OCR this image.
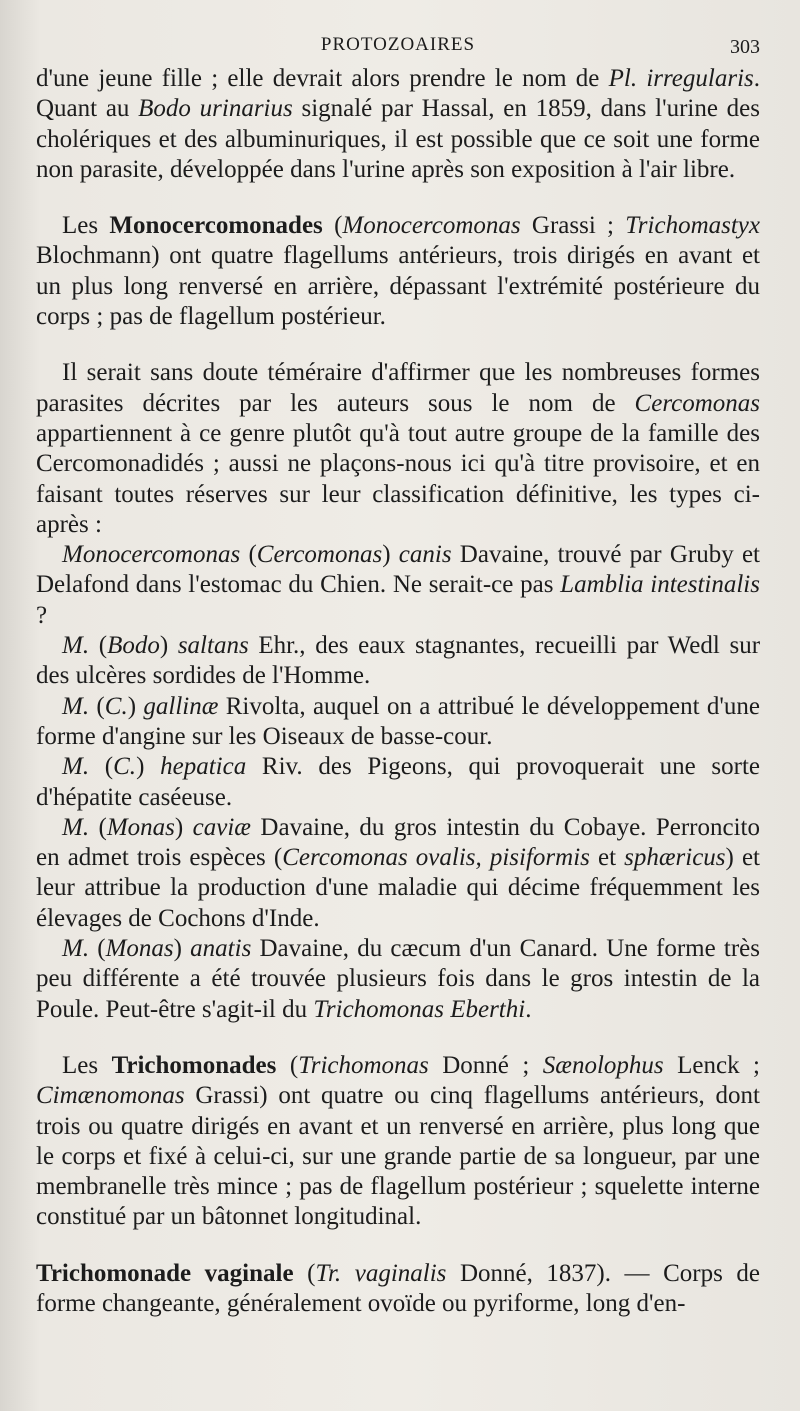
PROTOZOAIRES	303

d'une jeune fille ; elle devrait alors prendre le nom de Pl. irregularis. Quant au Bodo urinarius signalé par Hassal, en 1859, dans l'urine des cholériques et des albuminuriques, il est possible que ce soit une forme non parasite, développée dans l'urine après son exposition à l'air libre.

Les Monocercomonades (Monocercomonas Grassi ; Trichomastyx Blochmann) ont quatre flagellums antérieurs, trois dirigés en avant et un plus long renversé en arrière, dépassant l'extrémité postérieure du corps ; pas de flagellum postérieur.

Il serait sans doute téméraire d'affirmer que les nombreuses formes parasites décrites par les auteurs sous le nom de Cercomonas appartiennent à ce genre plutôt qu'à tout autre groupe de la famille des Cercomonadidés ; aussi ne plaçons-nous ici qu'à titre provisoire, et en faisant toutes réserves sur leur classification définitive, les types ci-après :

Monocercomonas (Cercomonas) canis Davaine, trouvé par Gruby et Delafond dans l'estomac du Chien. Ne serait-ce pas Lamblia intestinalis ?

M. (Bodo) saltans Ehr., des eaux stagnantes, recueilli par Wedl sur des ulcères sordides de l'Homme.

M. (C.) gallinæ Rivolta, auquel on a attribué le développement d'une forme d'angine sur les Oiseaux de basse-cour.

M. (C.) hepatica Riv. des Pigeons, qui provoquerait une sorte d'hépatite caséeuse.

M. (Monas) caviæ Davaine, du gros intestin du Cobaye. Perroncito en admet trois espèces (Cercomonas ovalis, pisiformis et sphæricus) et leur attribue la production d'une maladie qui décime fréquemment les élevages de Cochons d'Inde.

M. (Monas) anatis Davaine, du cæcum d'un Canard. Une forme très peu différente a été trouvée plusieurs fois dans le gros intestin de la Poule. Peut-être s'agit-il du Trichomonas Eberthi.

Les Trichomonades (Trichomonas Donné ; Sænolophus Lenck ; Cimænomonas Grassi) ont quatre ou cinq flagellums antérieurs, dont trois ou quatre dirigés en avant et un renversé en arrière, plus long que le corps et fixé à celui-ci, sur une grande partie de sa longueur, par une membranelle très mince ; pas de flagellum postérieur ; squelette interne constitué par un bâtonnet longitudinal.

Trichomonade vaginale (Tr. vaginalis Donné, 1837). — Corps de forme changeante, généralement ovoïde ou pyriforme, long d'en-
